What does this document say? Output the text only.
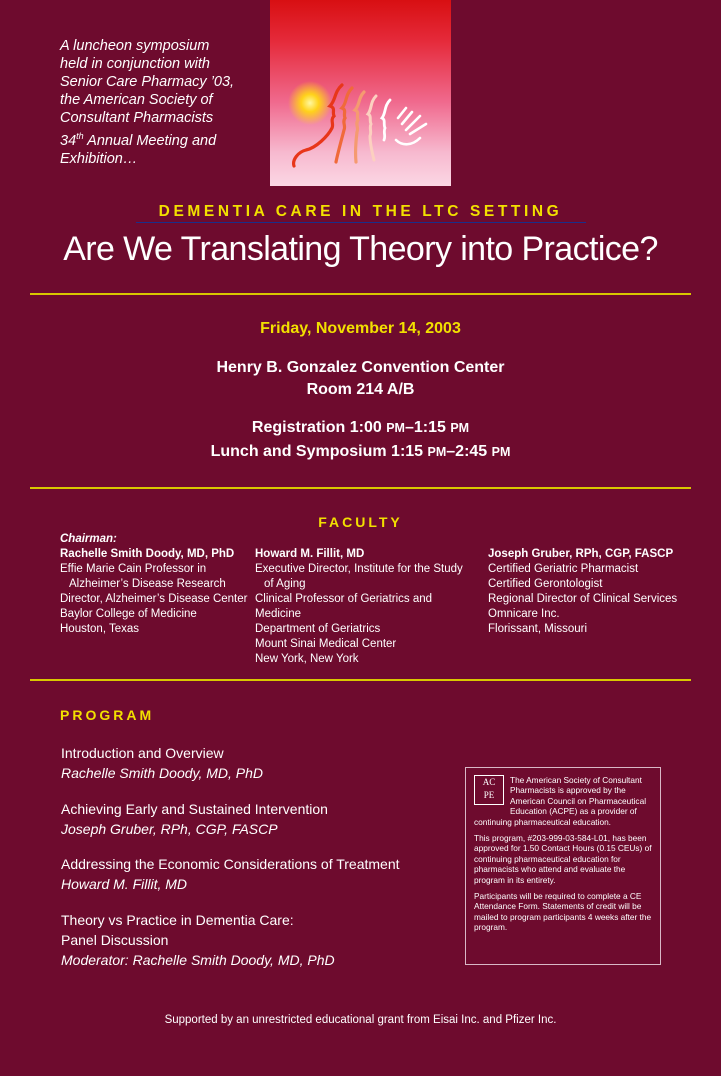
A luncheon symposium
held in conjunction with
Senior Care Pharmacy ’03,
the American Society of
Consultant Pharmacists
34th Annual Meeting and
Exhibition…
DEMENTIA CARE IN THE LTC SETTING
Are We Translating Theory into Practice?
Friday, November 14, 2003
Henry B. Gonzalez Convention Center
Room 214 A/B
Registration 1:00 PM–1:15 PM
Lunch and Symposium 1:15 PM–2:45 PM
FACULTY
Chairman:
Rachelle Smith Doody, MD, PhD
Effie Marie Cain Professor in
Alzheimer’s Disease Research
Director, Alzheimer’s Disease Center
Baylor College of Medicine
Houston, Texas
Howard M. Fillit, MD
Executive Director, Institute for the Study
of Aging
Clinical Professor of Geriatrics and Medicine
Department of Geriatrics
Mount Sinai Medical Center
New York, New York
Joseph Gruber, RPh, CGP, FASCP
Certified Geriatric Pharmacist
Certified Gerontologist
Regional Director of Clinical Services
Omnicare Inc.
Florissant, Missouri
PROGRAM
Introduction and Overview
Rachelle Smith Doody, MD, PhD
Achieving Early and Sustained Intervention
Joseph Gruber, RPh, CGP, FASCP
Addressing the Economic Considerations of Treatment
Howard M. Fillit, MD
Theory vs Practice in Dementia Care:
Panel Discussion
Moderator: Rachelle Smith Doody, MD, PhD
AC
PE

The American Society of Consultant Pharmacists is approved by the American Council on Pharmaceutical Education (ACPE) as a provider of continuing pharmaceutical education.

This program, #203-999-03-584-L01, has been approved for 1.50 Contact Hours (0.15 CEUs) of continuing pharmaceutical education for pharmacists who attend and evaluate the program in its entirety.

Participants will be required to complete a CE Attendance Form. Statements of credit will be mailed to program participants 4 weeks after the program.

Supported by an unrestricted educational grant from Eisai Inc. and Pfizer Inc.
